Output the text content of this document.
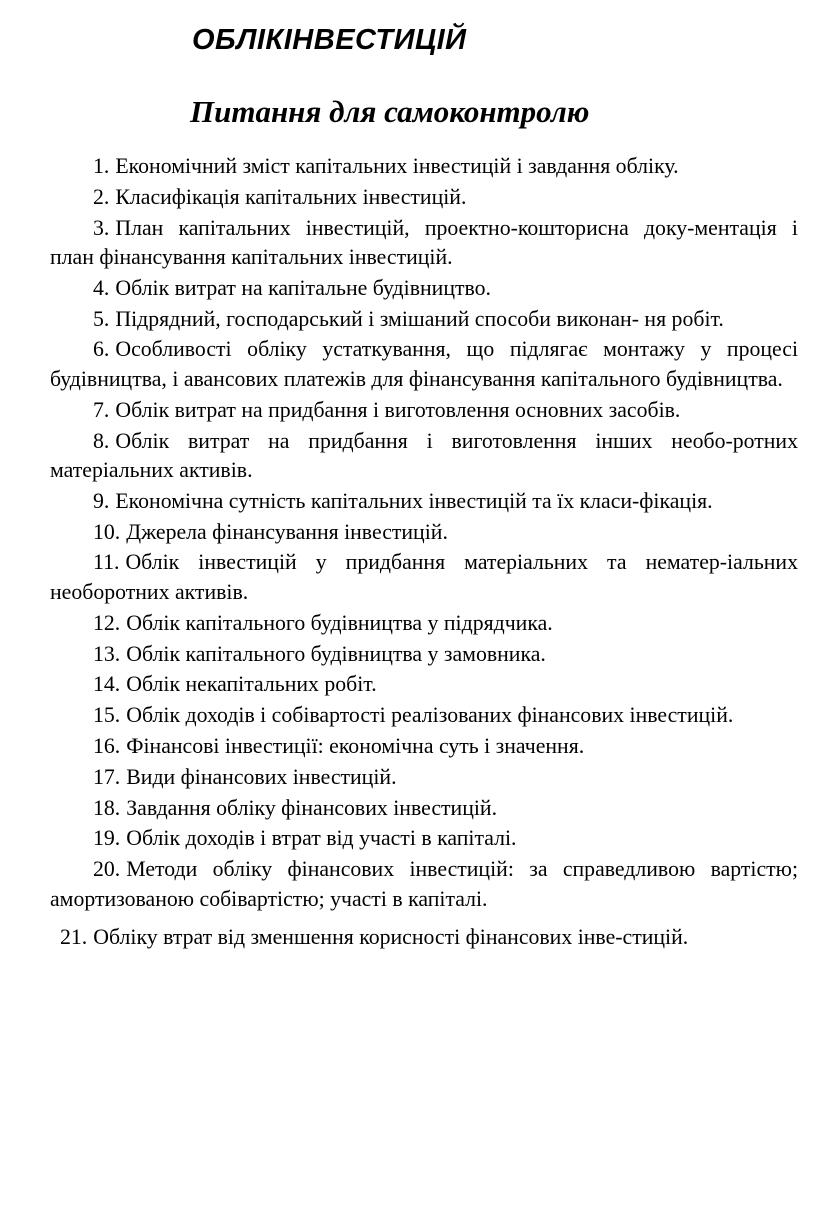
ОБЛІКІНВЕСТИЦІЙ
Питання для самоконтролю
1. Економічний зміст капітальних інвестицій і завдання обліку.
2. Класифікація капітальних інвестицій.
3. План капітальних інвестицій, проектно-кошторисна доку-ментація і план фінансування капітальних інвестицій.
4. Облік витрат на капітальне будівництво.
5. Підрядний, господарський і змішаний способи виконан- ня робіт.
6. Особливості обліку устаткування, що підлягає монтажу у процесі будівництва, і авансових платежів для фінансування капітального будівництва.
7. Облік витрат на придбання і виготовлення основних засобів.
8. Облік витрат на придбання і виготовлення інших необо-ротних матеріальних активів.
9. Економічна сутність капітальних інвестицій та їх класи-фікація.
10. Джерела фінансування інвестицій.
11. Облік інвестицій у придбання матеріальних та нематер-іальних необоротних активів.
12. Облік капітального будівництва у підрядчика.
13. Облік капітального будівництва у замовника.
14. Облік некапітальних робіт.
15. Облік доходів і собівартості реалізованих фінансових інвестицій.
16. Фінансові інвестиції: економічна суть і значення.
17. Види фінансових інвестицій.
18. Завдання обліку фінансових інвестицій.
19. Облік доходів і втрат від участі в капіталі.
20. Методи обліку фінансових інвестицій: за справедливою вартістю; амортизованою собівартістю; участі в капіталі.
21. Обліку втрат від зменшення корисності фінансових інве-стицій.
